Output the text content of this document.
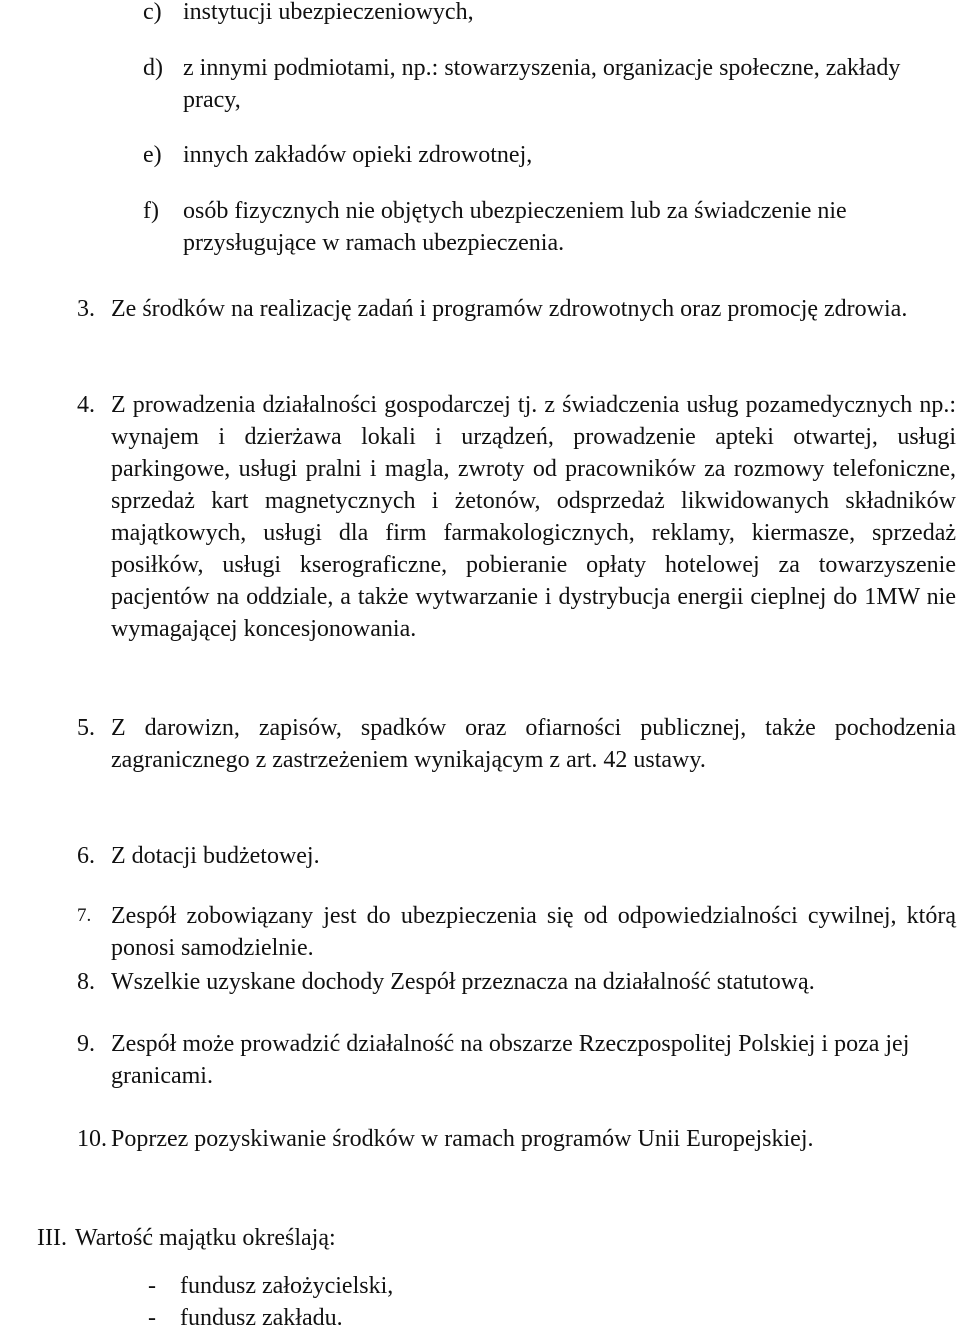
c) instytucji ubezpieczeniowych,
d) z innymi podmiotami, np.: stowarzyszenia, organizacje społeczne, zakłady pracy,
e) innych zakładów opieki zdrowotnej,
f)	osób fizycznych nie objętych ubezpieczeniem lub za świadczenie nie przysługujące w ramach ubezpieczenia.
3. Ze środków na realizację zadań i programów zdrowotnych oraz promocję zdrowia.
4. Z prowadzenia działalności gospodarczej tj. z świadczenia usług pozamedycznych np.: wynajem i dzierżawa lokali i urządzeń, prowadzenie apteki otwartej, usługi parkingowe, usługi pralni i magla, zwroty od pracowników za rozmowy telefoniczne, sprzedaż kart magnetycznych i żetonów, odsprzedaż likwidowanych składników majątkowych, usługi dla firm farmakologicznych, reklamy, kiermasze, sprzedaż posiłków, usługi kserograficzne, pobieranie opłaty hotelowej za towarzyszenie pacjentów na oddziale, a także wytwarzanie i dystrybucja energii cieplnej do 1MW nie wymagającej koncesjonowania.
5. Z darowizn, zapisów, spadków oraz ofiarności publicznej, także pochodzenia zagranicznego z zastrzeżeniem wynikającym z art. 42 ustawy.
6. Z dotacji budżetowej.
7. Zespół zobowiązany jest do ubezpieczenia się od odpowiedzialności cywilnej, którą ponosi samodzielnie.
8. Wszelkie uzyskane dochody Zespół przeznacza na działalność statutową.
9. Zespół może prowadzić działalność na obszarze Rzeczpospolitej Polskiej i poza jej granicami.
10. Poprzez pozyskiwanie środków w ramach programów Unii Europejskiej.
III. Wartość majątku określają:
- fundusz założycielski,
- fundusz zakładu.
